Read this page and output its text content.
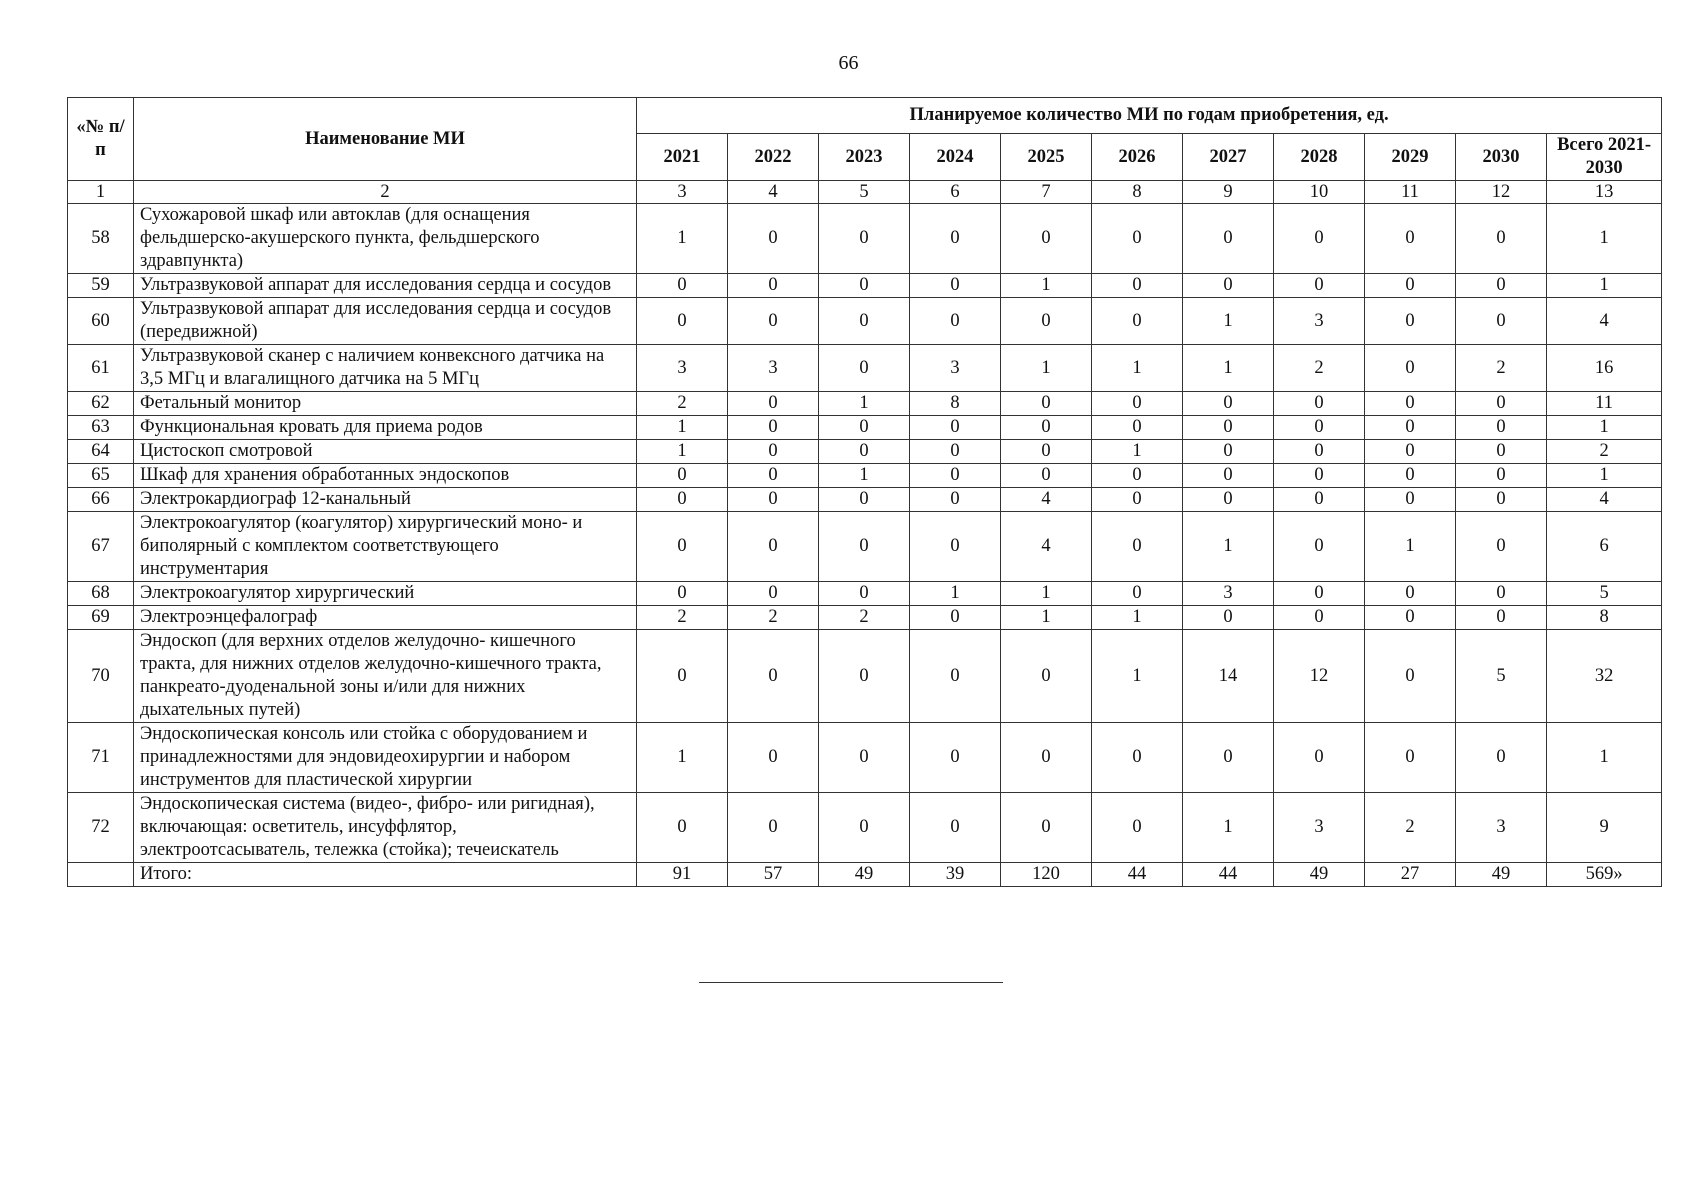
66
«№ п/п	Наименование МИ	Планируемое количество МИ по годам приобретения, ед.										
		2021	2022	2023	2024	2025	2026	2027	2028	2029	2030	Всего 2021-2030
1	2	3	4	5	6	7	8	9	10	11	12	13
58	Сухожаровой шкаф или автоклав (для оснащения фельдшерско-акушерского пункта, фельдшерского здравпункта)	1	0	0	0	0	0	0	0	0	0	1
59	Ультразвуковой аппарат для исследования сердца и сосудов	0	0	0	0	1	0	0	0	0	0	1
60	Ультразвуковой аппарат для исследования сердца и сосудов (передвижной)	0	0	0	0	0	0	1	3	0	0	4
61	Ультразвуковой сканер с наличием конвексного датчика на 3,5 МГц и влагалищного датчика на 5 МГц	3	3	0	3	1	1	1	2	0	2	16
62	Фетальный монитор	2	0	1	8	0	0	0	0	0	0	11
63	Функциональная кровать для приема родов	1	0	0	0	0	0	0	0	0	0	1
64	Цистоскоп смотровой	1	0	0	0	0	1	0	0	0	0	2
65	Шкаф для хранения обработанных эндоскопов	0	0	1	0	0	0	0	0	0	0	1
66	Электрокардиограф 12-канальный	0	0	0	0	4	0	0	0	0	0	4
67	Электрокоагулятор (коагулятор) хирургический моно- и биполярный с комплектом соответствующего инструментария	0	0	0	0	4	0	1	0	1	0	6
68	Электрокоагулятор хирургический	0	0	0	1	1	0	3	0	0	0	5
69	Электроэнцефалограф	2	2	2	0	1	1	0	0	0	0	8
70	Эндоскоп (для верхних отделов желудочно- кишечного тракта, для нижних отделов желудочно-кишечного тракта, панкреато-дуоденальной зоны и/или для нижних дыхательных путей)	0	0	0	0	0	1	14	12	0	5	32
71	Эндоскопическая консоль или стойка с оборудованием и принадлежностями для эндовидеохирургии и набором инструментов для пластической хирургии	1	0	0	0	0	0	0	0	0	0	1
72	Эндоскопическая система (видео-, фибро- или ригидная), включающая: осветитель, инсуффлятор, электроотсасыватель, тележка (стойка); течеискатель	0	0	0	0	0	0	1	3	2	3	9
	Итого:	91	57	49	39	120	44	44	49	27	49	569»
